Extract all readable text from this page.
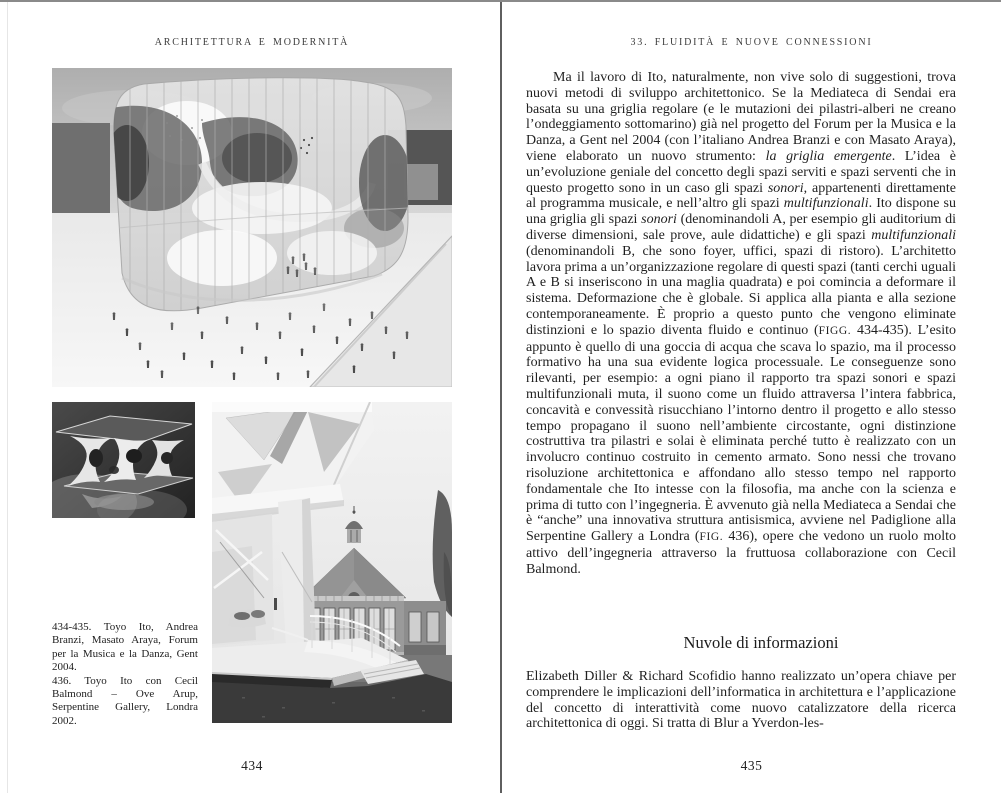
ARCHITETTURA E MODERNITÀ

434-435. Toyo Ito, Andrea Branzi, Masato Araya, Forum per la Musica e la Danza, Gent 2004.

436. Toyo Ito con Cecil Balmond – Ove Arup, Serpentine Gallery, Londra 2002.

434
33. FLUIDITÀ E NUOVE CONNESSIONI

Ma il lavoro di Ito, naturalmente, non vive solo di suggestioni, trova nuovi metodi di sviluppo architettonico. Se la Mediateca di Sendai era basata su una griglia regolare (e le mutazioni dei pilastri-alberi ne creano l’ondeggiamento sottomarino) già nel progetto del Forum per la Musica e la Danza, a Gent nel 2004 (con l’italiano Andrea Branzi e con Masato Araya), viene elaborato un nuovo strumento: la griglia emergente. L’idea è un’evoluzione geniale del concetto degli spazi serviti e spazi serventi che in questo progetto sono in un caso gli spazi sonori, appartenenti direttamente al programma musicale, e nell’altro gli spazi multifunzionali. Ito dispone su una griglia gli spazi sonori (denominandoli A, per esempio gli auditorium di diverse dimensioni, sale prove, aule didattiche) e gli spazi multifunzionali (denominandoli B, che sono foyer, uffici, spazi di ristoro). L’architetto lavora prima a un’organizzazione regolare di questi spazi (tanti cerchi uguali A e B si inseriscono in una maglia quadrata) e poi comincia a deformare il sistema. Deformazione che è globale. Si applica alla pianta e alla sezione contemporaneamente. È proprio a questo punto che vengono eliminate distinzioni e lo spazio diventa fluido e continuo (FIGG. 434-435). L’esito appunto è quello di una goccia di acqua che scava lo spazio, ma il processo formativo ha una sua evidente logica processuale. Le conseguenze sono rilevanti, per esempio: a ogni piano il rapporto tra spazi sonori e spazi multifunzionali muta, il suono come un fluido attraversa l’intera fabbrica, concavità e convessità risucchiano l’intorno dentro il progetto e allo stesso tempo propagano il suono nell’ambiente circostante, ogni distinzione costruttiva tra pilastri e solai è eliminata perché tutto è realizzato con un involucro continuo costruito in cemento armato. Sono nessi che trovano risoluzione architettonica e affondano allo stesso tempo nel rapporto fondamentale che Ito intesse con la filosofia, ma anche con la scienza e prima di tutto con l’ingegneria. È avvenuto già nella Mediateca a Sendai che è “anche” una innovativa struttura antisismica, avviene nel Padiglione alla Serpentine Gallery a Londra (FIG. 436), opere che vedono un ruolo molto attivo dell’ingegneria attraverso la fruttuosa collaborazione con Cecil Balmond.

Nuvole di informazioni

Elizabeth Diller & Richard Scofidio hanno realizzato un’opera chiave per comprendere le implicazioni dell’informatica in architettura e l’applicazione del concetto di interattività come nuovo catalizzatore della ricerca architettonica di oggi. Si tratta di Blur a Yverdon-les-

435
